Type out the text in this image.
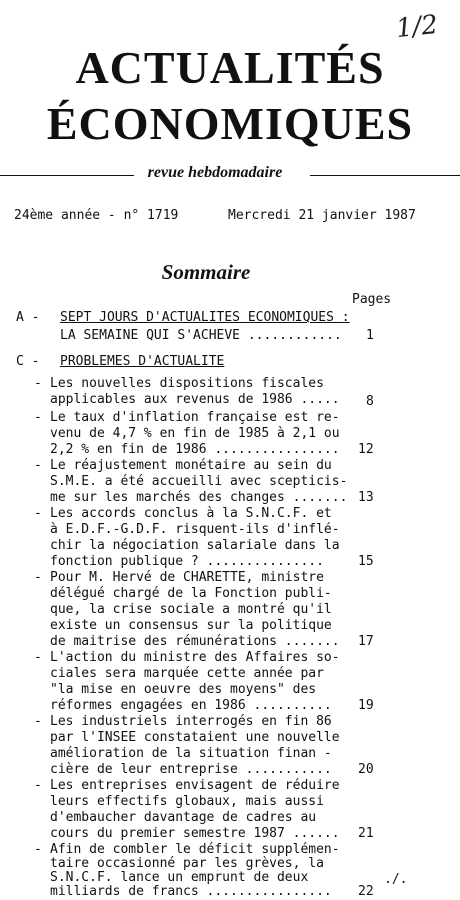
1/2
ACTUALITÉS
ÉCONOMIQUES
revue hebdomadaire
24ème année - n° 1719	Mercredi 21 janvier 1987
Sommaire
Pages
A - SEPT JOURS D'ACTUALITES ECONOMIQUES :
LA SEMAINE QUI S'ACHEVE ............ 1
C - PROBLEMES D'ACTUALITE
- Les nouvelles dispositions fiscales
applicables aux revenus de 1986 ..... 8
- Le taux d'inflation française est re-
venu de 4,7 % en fin de 1985 à 2,1 ou
2,2 % en fin de 1986 ................ 12
- Le réajustement monétaire au sein du
S.M.E. a été accueilli avec scepticis-
me sur les marchés des changes ....... 13
- Les accords conclus à la S.N.C.F. et
à E.D.F.-G.D.F. risquent-ils d'inflé-
chir la négociation salariale dans la
fonction publique ? ...............	15
- Pour M. Hervé de CHARETTE, ministre
délégué chargé de la Fonction publi-
que, la crise sociale a montré qu'il
existe un consensus sur la politique
de maitrise des rémunérations ....... 17
- L'action du ministre des Affaires so-
ciales sera marquée cette année par
"la mise en oeuvre des moyens" des
réformes engagées en 1986 .......... 19
- Les industriels interrogés en fin 86
par l'INSEE constataient une nouvelle
amélioration de la situation finan -
cière de leur entreprise ........... 20
- Les entreprises envisagent de réduire
leurs effectifs globaux, mais aussi
d'embaucher davantage de cadres au
cours du premier semestre 1987 ...... 21
- Afin de combler le déficit supplémen-
taire occasionné par les grèves, la
S.N.C.F. lance un emprunt de deux
milliards de francs ................ 22
./.
